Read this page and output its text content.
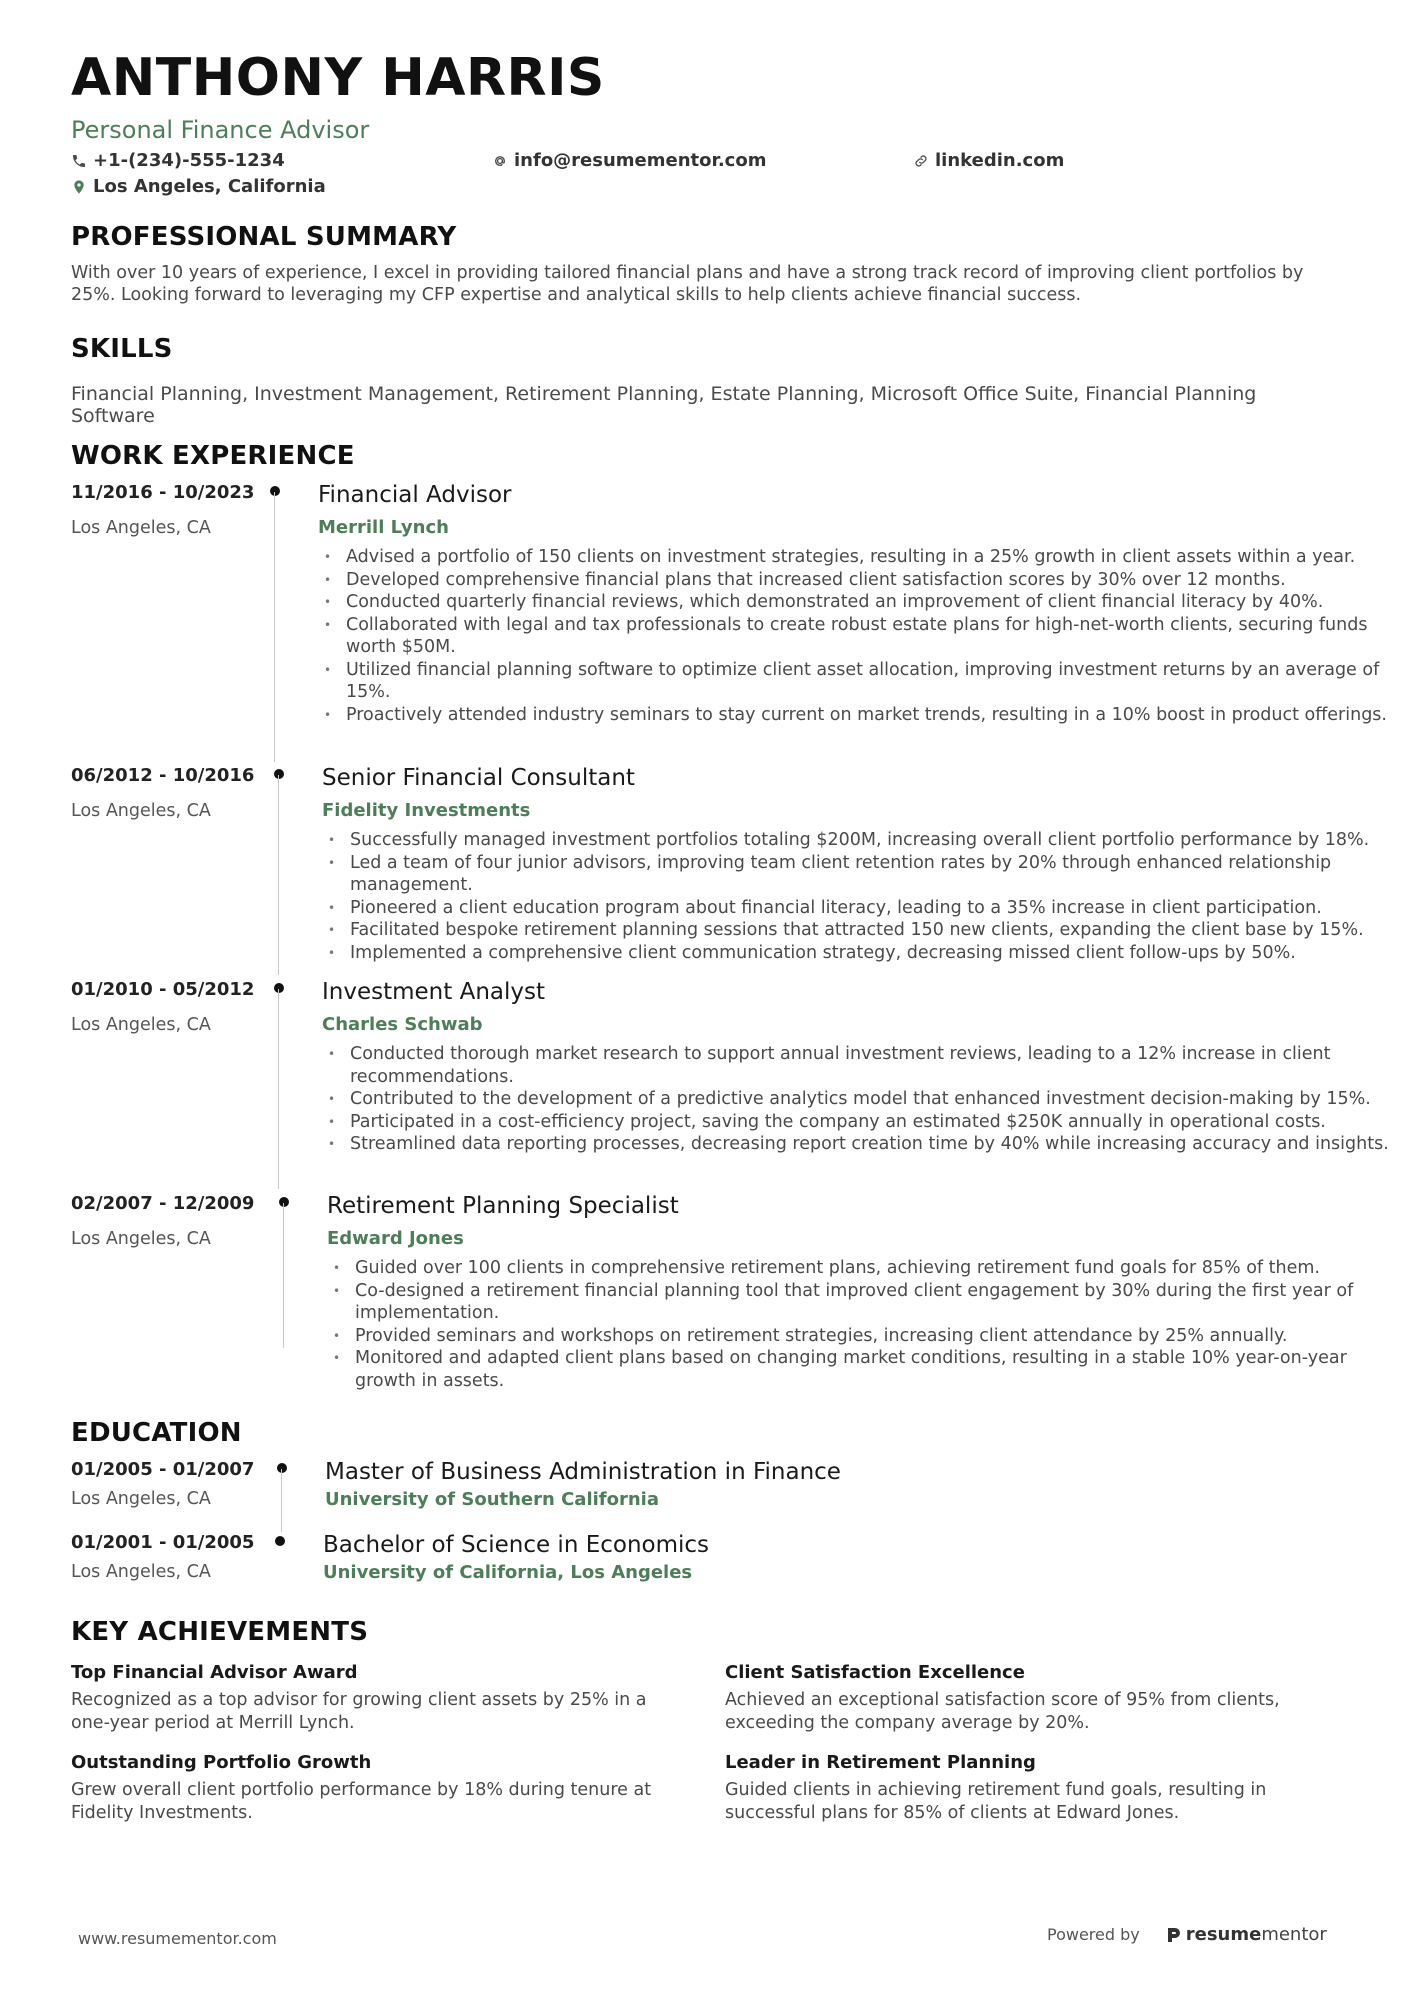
ANTHONY HARRIS
Personal Finance Advisor
+1-(234)-555-1234	info@resumementor.com	linkedin.com
Los Angeles, California
PROFESSIONAL SUMMARY
With over 10 years of experience, I excel in providing tailored financial plans and have a strong track record of improving client portfolios by 25%. Looking forward to leveraging my CFP expertise and analytical skills to help clients achieve financial success.
SKILLS
Financial Planning, Investment Management, Retirement Planning, Estate Planning, Microsoft Office Suite, Financial Planning Software
WORK EXPERIENCE
11/2016 - 10/2023
Los Angeles, CA
Financial Advisor
Merrill Lynch
• Advised a portfolio of 150 clients on investment strategies, resulting in a 25% growth in client assets within a year.
• Developed comprehensive financial plans that increased client satisfaction scores by 30% over 12 months.
• Conducted quarterly financial reviews, which demonstrated an improvement of client financial literacy by 40%.
• Collaborated with legal and tax professionals to create robust estate plans for high-net-worth clients, securing funds worth $50M.
• Utilized financial planning software to optimize client asset allocation, improving investment returns by an average of 15%.
• Proactively attended industry seminars to stay current on market trends, resulting in a 10% boost in product offerings.
06/2012 - 10/2016
Los Angeles, CA
Senior Financial Consultant
Fidelity Investments
• Successfully managed investment portfolios totaling $200M, increasing overall client portfolio performance by 18%.
• Led a team of four junior advisors, improving team client retention rates by 20% through enhanced relationship management.
• Pioneered a client education program about financial literacy, leading to a 35% increase in client participation.
• Facilitated bespoke retirement planning sessions that attracted 150 new clients, expanding the client base by 15%.
• Implemented a comprehensive client communication strategy, decreasing missed client follow-ups by 50%.
01/2010 - 05/2012
Los Angeles, CA
Investment Analyst
Charles Schwab
• Conducted thorough market research to support annual investment reviews, leading to a 12% increase in client recommendations.
• Contributed to the development of a predictive analytics model that enhanced investment decision-making by 15%.
• Participated in a cost-efficiency project, saving the company an estimated $250K annually in operational costs.
• Streamlined data reporting processes, decreasing report creation time by 40% while increasing accuracy and insights.
02/2007 - 12/2009
Los Angeles, CA
Retirement Planning Specialist
Edward Jones
• Guided over 100 clients in comprehensive retirement plans, achieving retirement fund goals for 85% of them.
• Co-designed a retirement financial planning tool that improved client engagement by 30% during the first year of implementation.
• Provided seminars and workshops on retirement strategies, increasing client attendance by 25% annually.
• Monitored and adapted client plans based on changing market conditions, resulting in a stable 10% year-on-year growth in assets.
EDUCATION
01/2005 - 01/2007
Los Angeles, CA
Master of Business Administration in Finance
University of Southern California
01/2001 - 01/2005
Los Angeles, CA
Bachelor of Science in Economics
University of California, Los Angeles
KEY ACHIEVEMENTS
Top Financial Advisor Award
Recognized as a top advisor for growing client assets by 25% in a one-year period at Merrill Lynch.
Client Satisfaction Excellence
Achieved an exceptional satisfaction score of 95% from clients, exceeding the company average by 20%.
Outstanding Portfolio Growth
Grew overall client portfolio performance by 18% during tenure at Fidelity Investments.
Leader in Retirement Planning
Guided clients in achieving retirement fund goals, resulting in successful plans for 85% of clients at Edward Jones.
www.resumementor.com	Powered by	resumementor
